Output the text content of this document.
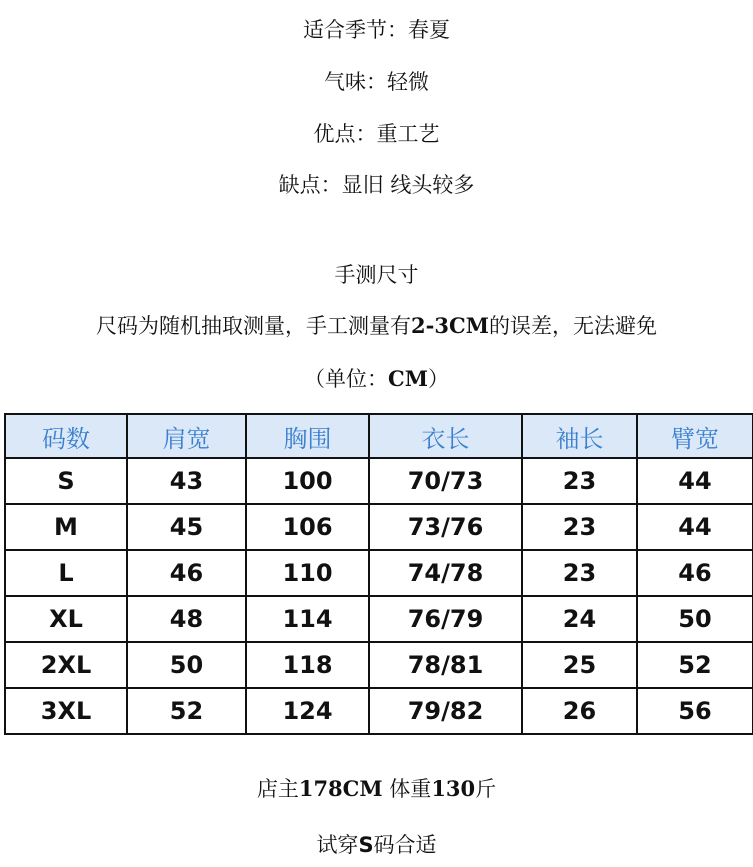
适合季节：春夏
气味：轻微
优点：重工艺
缺点：显旧 线头较多
手测尺寸
尺码为随机抽取测量，手工测量有2-3CM的误差，无法避免
（单位：CM）
码数	肩宽	胸围	衣长	袖长	臂宽
S	43	100	70/73	23	44
M	45	106	73/76	23	44
L	46	110	74/78	23	46
XL	48	114	76/79	24	50
2XL	50	118	78/81	25	52
3XL	52	124	79/82	26	56
店主178CM 体重130斤
试穿S码合适
